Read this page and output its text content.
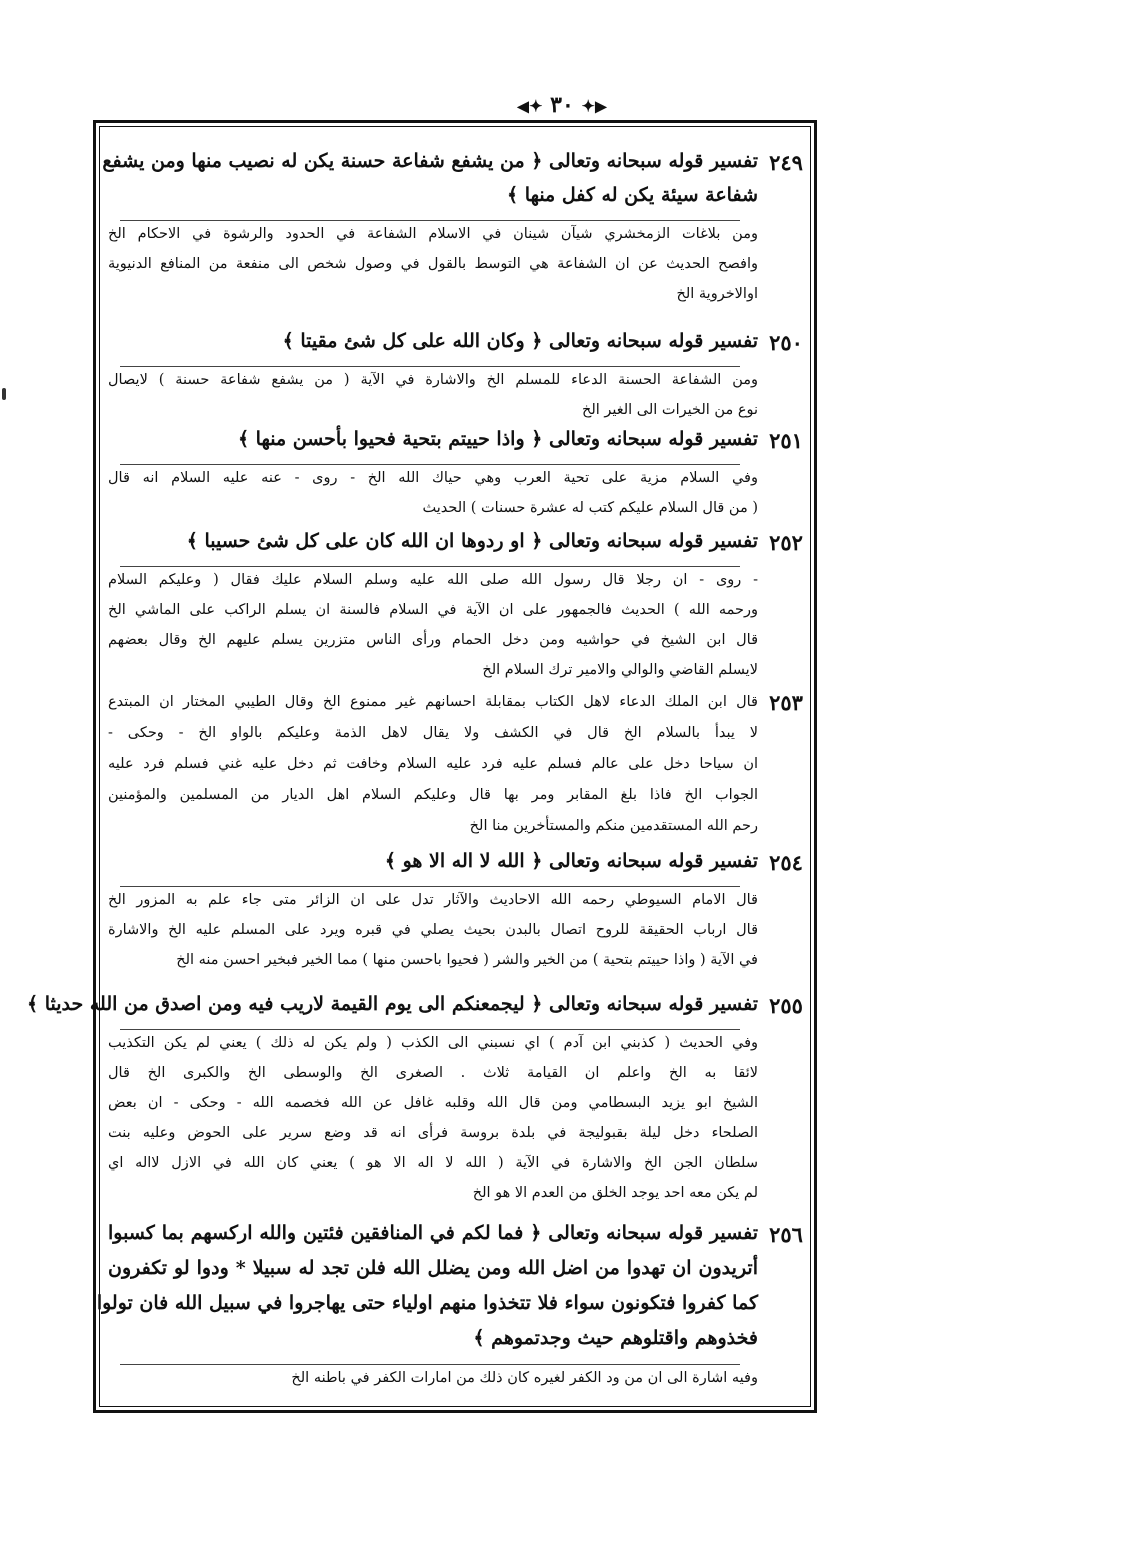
◀✦ ٣٠ ✦▶
٢٤٩
تفسير قوله سبحانه وتعالى ﴿ من يشفع شفاعة حسنة يكن له نصيب منها ومن يشفع
شفاعة سيئة يكن له كفل منها ﴾
ومن بلاغات الزمخشري شيآن شينان في الاسلام الشفاعة في الحدود والرشوة في الاحكام الخ
وافصح الحديث عن ان الشفاعة هي التوسط بالقول في وصول شخص الى منفعة من المنافع الدنيوية
اوالاخروية الخ
٢٥٠
تفسير قوله سبحانه وتعالى ﴿ وكان الله على كل شئ مقيتا ﴾
ومن الشفاعة الحسنة الدعاء للمسلم الخ والاشارة في الآية ( من يشفع شفاعة حسنة ) لايصال
نوع من الخيرات الى الغير الخ
٢٥١
تفسير قوله سبحانه وتعالى ﴿ واذا حييتم بتحية فحيوا بأحسن منها ﴾
وفي السلام مزية على تحية العرب وهي حياك الله الخ - روى - عنه عليه السلام انه قال
( من قال السلام عليكم كتب له عشرة حسنات ) الحديث
٢٥٢
تفسير قوله سبحانه وتعالى ﴿ او ردوها ان الله كان على كل شئ حسيبا ﴾
- روى - ان رجلا قال رسول الله صلى الله عليه وسلم السلام عليك فقال ( وعليكم السلام
ورحمه الله ) الحديث فالجمهور على ان الآية في السلام فالسنة ان يسلم الراكب على الماشي الخ
قال ابن الشيخ في حواشيه ومن دخل الحمام ورأى الناس متزرين يسلم عليهم الخ وقال بعضهم
لايسلم القاضي والوالي والامير ترك السلام الخ
٢٥٣
قال ابن الملك الدعاء لاهل الكتاب بمقابلة احسانهم غير ممنوع الخ وقال الطيبي المختار ان المبتدع
لا يبدأ بالسلام الخ قال في الكشف ولا يقال لاهل الذمة وعليكم بالواو الخ - وحكى -
ان سياحا دخل على عالم فسلم عليه فرد عليه السلام وخافت ثم دخل عليه غني فسلم فرد عليه
الجواب الخ فاذا بلغ المقابر ومر بها قال وعليكم السلام اهل الديار من المسلمين والمؤمنين
رحم الله المستقدمين منكم والمستأخرين منا الخ
٢٥٤
تفسير قوله سبحانه وتعالى ﴿ الله لا اله الا هو ﴾
قال الامام السيوطي رحمه الله الاحاديث والآثار تدل على ان الزائر متى جاء علم به المزور الخ
قال ارباب الحقيقة للروح اتصال بالبدن بحيث يصلي في قبره ويرد على المسلم عليه الخ والاشارة
في الآية ( واذا حييتم بتحية ) من الخير والشر ( فحيوا باحسن منها ) مما الخير فبخير احسن منه الخ
٢٥٥
تفسير قوله سبحانه وتعالى ﴿ ليجمعنكم الى يوم القيمة لاريب فيه ومن اصدق من الله حديثا ﴾
وفي الحديث ( كذبني ابن آدم ) اي نسبني الى الكذب ( ولم يكن له ذلك ) يعني لم يكن التكذيب
لائقا به الخ واعلم ان القيامة ثلاث . الصغرى الخ والوسطى الخ والكبرى الخ قال
الشيخ ابو يزيد البسطامي ومن قال الله وقلبه غافل عن الله فخصمه الله - وحكى - ان بعض
الصلحاء دخل ليلة بقبوليجة في بلدة بروسة فرأى انه قد وضع سرير على الحوض وعليه بنت
سلطان الجن الخ والاشارة في الآية ( الله لا اله الا هو ) يعني كان الله في الازل لااله اي
لم يكن معه احد يوجد الخلق من العدم الا هو الخ
٢٥٦
تفسير قوله سبحانه وتعالى ﴿ فما لكم في المنافقين فئتين والله اركسهم بما كسبوا
أتريدون ان تهدوا من اضل الله ومن يضلل الله فلن تجد له سبيلا * ودوا لو تكفرون
كما كفروا فتكونون سواء فلا تتخذوا منهم اولياء حتى يهاجروا في سبيل الله فان تولوا
فخذوهم واقتلوهم حيث وجدتموهم ﴾
وفيه اشارة الى ان من ود الكفر لغيره كان ذلك من امارات الكفر في باطنه الخ
